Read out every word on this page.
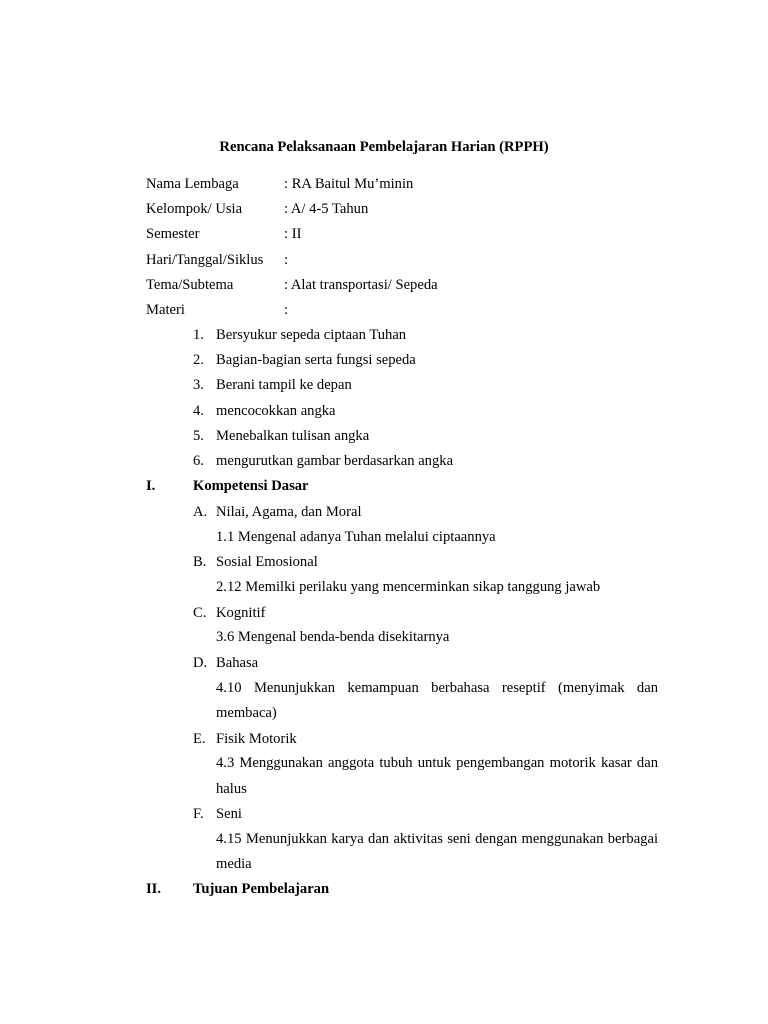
Rencana Pelaksanaan Pembelajaran Harian (RPPH)
Nama Lembaga	: RA Baitul Mu’minin
Kelompok/ Usia	: A/ 4-5 Tahun
Semester	: II
Hari/Tanggal/Siklus	:
Tema/Subtema	: Alat transportasi/ Sepeda
Materi	:
1. Bersyukur sepeda ciptaan Tuhan
2. Bagian-bagian serta fungsi sepeda
3. Berani tampil ke depan
4. mencocokkan angka
5. Menebalkan tulisan angka
6. mengurutkan gambar berdasarkan angka
I.	Kompetensi Dasar
A. Nilai, Agama, dan Moral
1.1 Mengenal adanya Tuhan melalui ciptaannya
B. Sosial Emosional
2.12 Memilki perilaku yang mencerminkan sikap tanggung jawab
C. Kognitif
3.6 Mengenal benda-benda disekitarnya
D. Bahasa
4.10 Menunjukkan kemampuan berbahasa reseptif (menyimak dan membaca)
E. Fisik Motorik
4.3 Menggunakan anggota tubuh untuk pengembangan motorik kasar dan halus
F. Seni
4.15 Menunjukkan karya dan aktivitas seni dengan menggunakan berbagai media
II.	Tujuan Pembelajaran
